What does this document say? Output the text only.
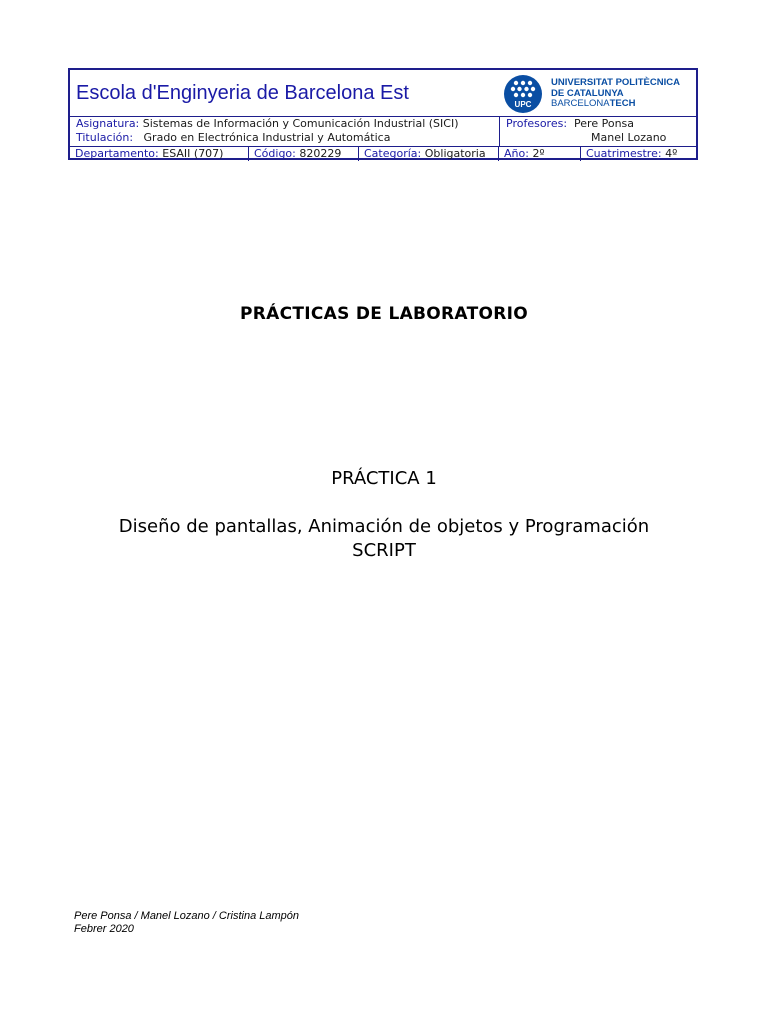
Escola d'Enginyeria de Barcelona Est
UPC
UNIVERSITAT POLITÈCNICA
DE CATALUNYA
BARCELONATECH
Asignatura: Sistemas de Información y Comunicación Industrial (SICI)
Titulación: Grado en Electrónica Industrial y Automática
Profesores: Pere Ponsa
Manel Lozano
Departamento: ESAII (707)	Código: 820229	Categoría: Obligatoria	Año: 2º	Cuatrimestre: 4º
PRÁCTICAS DE LABORATORIO
PRÁCTICA 1
Diseño de pantallas, Animación de objetos y Programación
SCRIPT
Pere Ponsa / Manel Lozano / Cristina Lampón
Febrer 2020
